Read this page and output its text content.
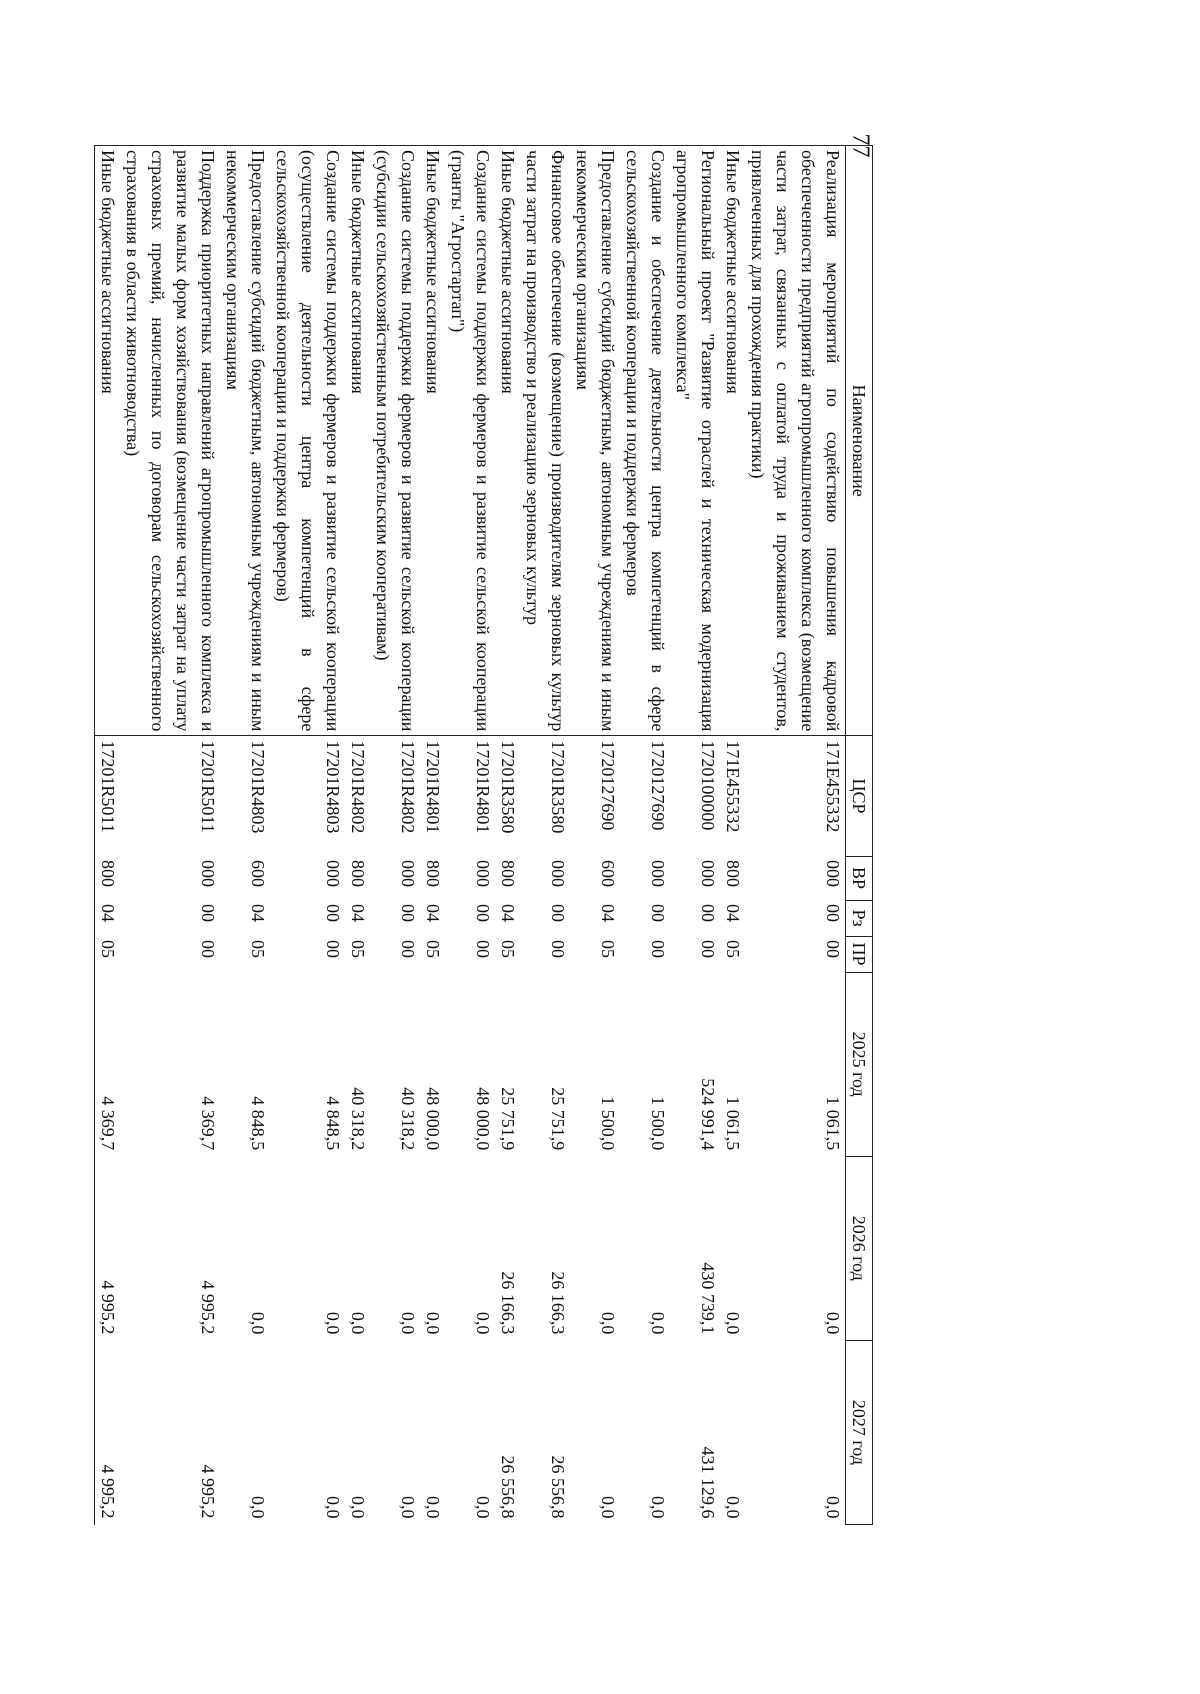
77
Наименование	ЦСР	ВР	Рз	ПР	2025 год	2026 год	2027 год
Реализация мероприятий по содействию повышения кадровой обеспеченности предприятий агропромышленного комплекса (возмещение части затрат, связанных с оплатой труда и проживанием студентов, привлеченных для прохождения практики)	171E455332	000	00	00	1 061,5	0,0	0,0
Иные бюджетные ассигнования	171E455332	800	04	05	1 061,5	0,0	0,0
Региональный проект "Развитие отраслей и техническая модернизация агропромышленного комплекса"	1720100000	000	00	00	524 991,4	430 739,1	431 129,6
Создание и обеспечение деятельности центра компетенций в сфере сельскохозяйственной кооперации и поддержки фермеров	1720127690	000	00	00	1 500,0	0,0	0,0
Предоставление субсидий бюджетным, автономным учреждениям и иным некоммерческим организациям	1720127690	600	04	05	1 500,0	0,0	0,0
Финансовое обеспечение (возмещение) производителям зерновых культур части затрат на производство и реализацию зерновых культур	17201R3580	000	00	00	25 751,9	26 166,3	26 556,8
Иные бюджетные ассигнования	17201R3580	800	04	05	25 751,9	26 166,3	26 556,8
Создание системы поддержки фермеров и развитие сельской кооперации (гранты "Агростартап")	17201R4801	000	00	00	48 000,0	0,0	0,0
Иные бюджетные ассигнования	17201R4801	800	04	05	48 000,0	0,0	0,0
Создание системы поддержки фермеров и развитие сельской кооперации (субсидии сельскохозяйственным потребительским кооперативам)	17201R4802	000	00	00	40 318,2	0,0	0,0
Иные бюджетные ассигнования	17201R4802	800	04	05	40 318,2	0,0	0,0
Создание системы поддержки фермеров и развитие сельской кооперации (осуществление деятельности центра компетенций в сфере сельскохозяйственной кооперации и поддержки фермеров)	17201R4803	000	00	00	4 848,5	0,0	0,0
Предоставление субсидий бюджетным, автономным учреждениям и иным некоммерческим организациям	17201R4803	600	04	05	4 848,5	0,0	0,0
Поддержка приоритетных направлений агропромышленного комплекса и развитие малых форм хозяйствования (возмещение части затрат на уплату страховых премий, начисленных по договорам сельскохозяйственного страхования в области животноводства)	17201R5011	000	00	00	4 369,7	4 995,2	4 995,2
Иные бюджетные ассигнования	17201R5011	800	04	05	4 369,7	4 995,2	4 995,2
